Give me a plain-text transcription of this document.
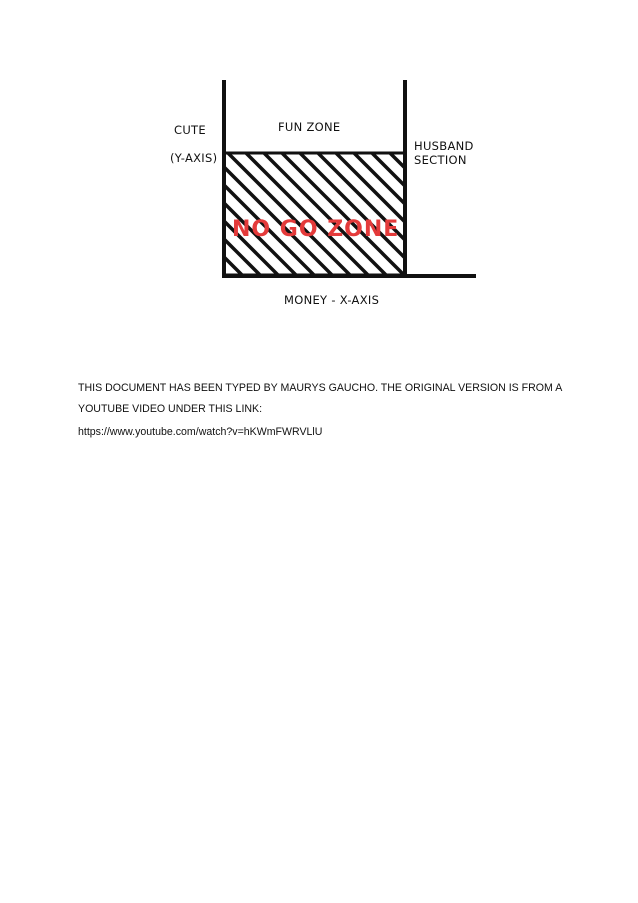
CUTE
(Y-AXIS)
FUN ZONE
HUSBAND
SECTION
NO GO ZONE
MONEY - X-AXIS

THIS DOCUMENT HAS BEEN TYPED BY MAURYS GAUCHO. THE ORIGINAL VERSION IS FROM A

YOUTUBE VIDEO UNDER THIS LINK:

https://www.youtube.com/watch?v=hKWmFWRVLlU
